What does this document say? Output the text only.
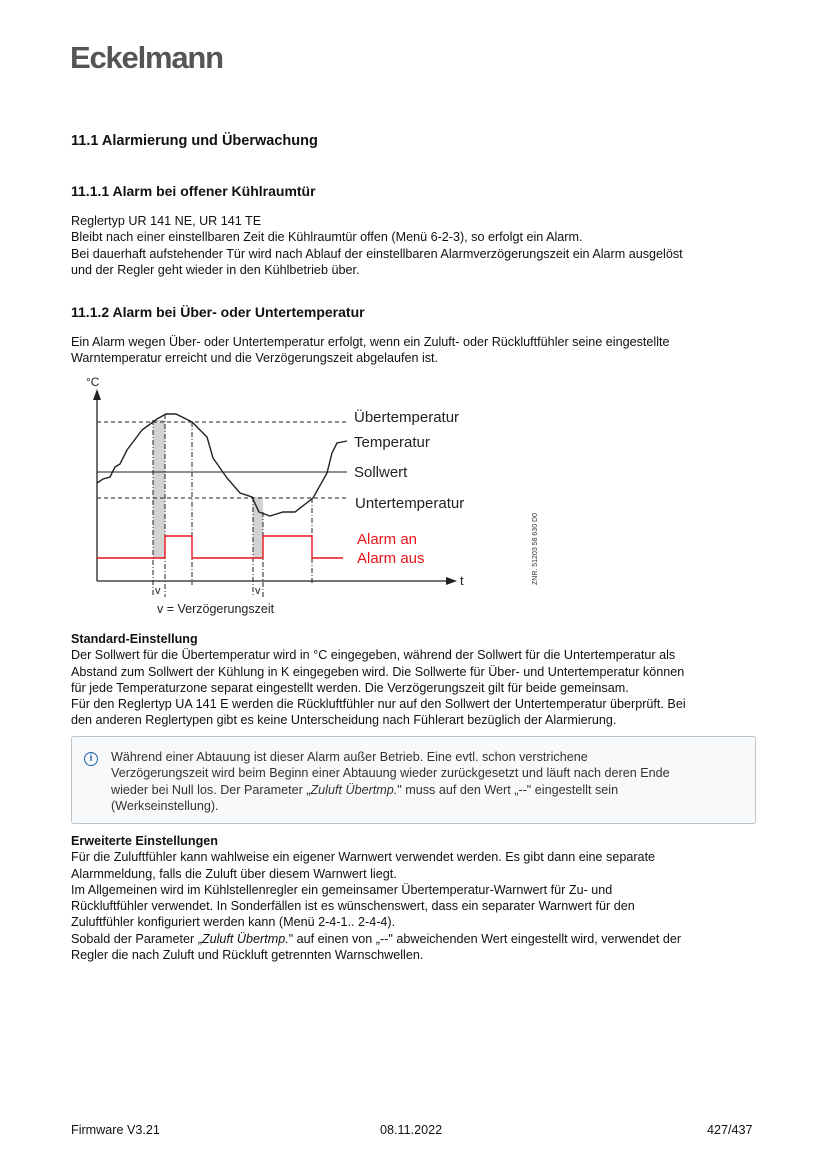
Eckelmann
11.1 Alarmierung und Überwachung
11.1.1 Alarm bei offener Kühlraumtür
Reglertyp UR 141 NE, UR 141 TE
Bleibt nach einer einstellbaren Zeit die Kühlraumtür offen (Menü 6-2-3), so erfolgt ein Alarm.
Bei dauerhaft aufstehender Tür wird nach Ablauf der einstellbaren Alarmverzögerungszeit ein Alarm ausgelöst
und der Regler geht wieder in den Kühlbetrieb über.
11.1.2 Alarm bei Über- oder Untertemperatur
Ein Alarm wegen Über- oder Untertemperatur erfolgt, wenn ein Zuluft- oder Rückluftfühler seine eingestellte
Warntemperatur erreicht und die Verzögerungszeit abgelaufen ist.
°C
t
Übertemperatur
Temperatur
Sollwert
Untertemperatur
Alarm an
Alarm aus
v	v
v = Verzögerungszeit
ZNR. 51203 58 630 D0
Standard-Einstellung
Der Sollwert für die Übertemperatur wird in °C eingegeben, während der Sollwert für die Untertemperatur als
Abstand zum Sollwert der Kühlung in K eingegeben wird. Die Sollwerte für Über- und Untertemperatur können
für jede Temperaturzone separat eingestellt werden. Die Verzögerungszeit gilt für beide gemeinsam.
Für den Reglertyp UA 141 E werden die Rückluftfühler nur auf den Sollwert der Untertemperatur überprüft. Bei
den anderen Reglertypen gibt es keine Unterscheidung nach Fühlerart bezüglich der Alarmierung.
i	Während einer Abtauung ist dieser Alarm außer Betrieb. Eine evtl. schon verstrichene
Verzögerungszeit wird beim Beginn einer Abtauung wieder zurückgesetzt und läuft nach deren Ende
wieder bei Null los. Der Parameter „Zuluft Übertmp." muss auf den Wert „--" eingestellt sein
(Werkseinstellung).
Erweiterte Einstellungen
Für die Zuluftfühler kann wahlweise ein eigener Warnwert verwendet werden. Es gibt dann eine separate
Alarmmeldung, falls die Zuluft über diesem Warnwert liegt.
Im Allgemeinen wird im Kühlstellenregler ein gemeinsamer Übertemperatur-Warnwert für Zu- und
Rückluftfühler verwendet. In Sonderfällen ist es wünschenswert, dass ein separater Warnwert für den
Zuluftfühler konfiguriert werden kann (Menü 2-4-1.. 2-4-4).
Sobald der Parameter „Zuluft Übertmp." auf einen von „--" abweichenden Wert eingestellt wird, verwendet der
Regler die nach Zuluft und Rückluft getrennten Warnschwellen.
Firmware V3.21	08.11.2022	427/437
